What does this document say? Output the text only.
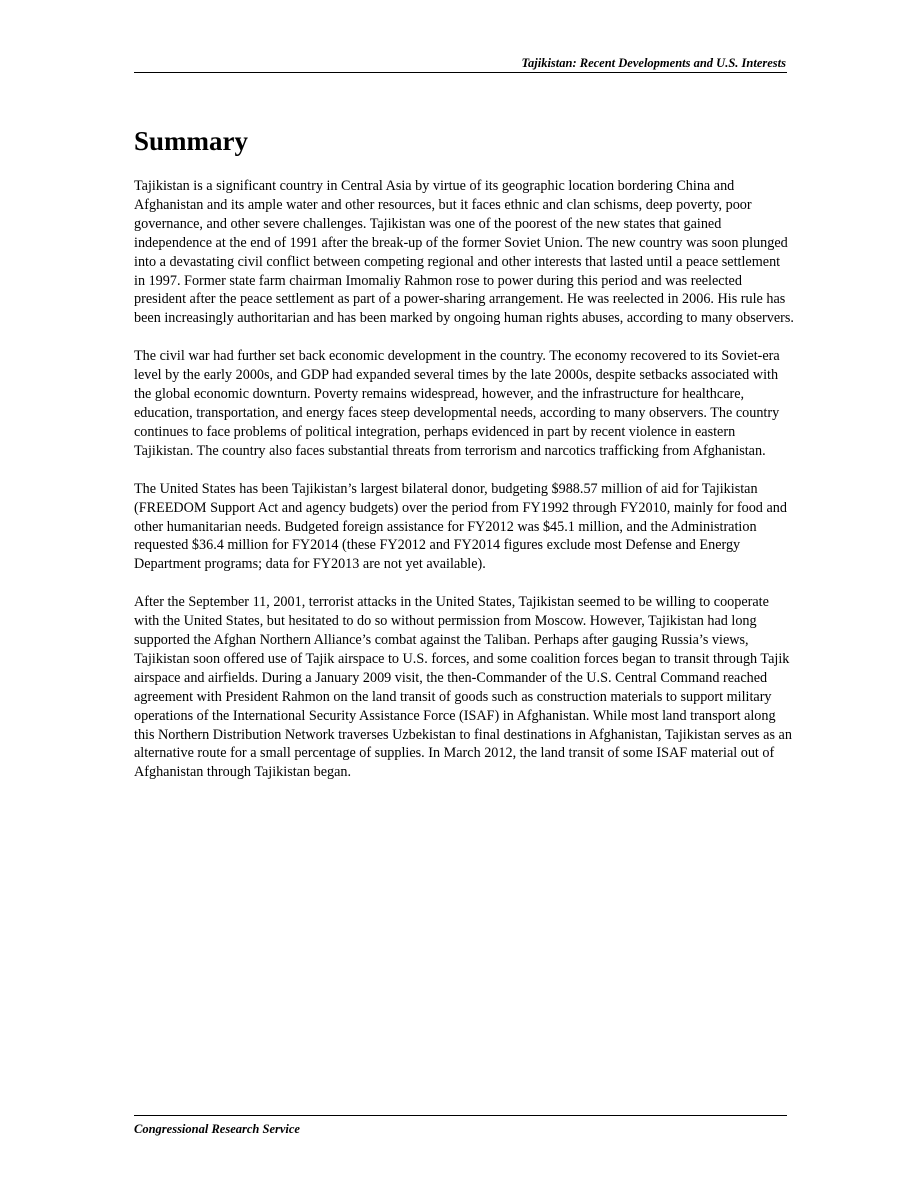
Tajikistan: Recent Developments and U.S. Interests
Summary

Tajikistan is a significant country in Central Asia by virtue of its geographic location bordering China and Afghanistan and its ample water and other resources, but it faces ethnic and clan schisms, deep poverty, poor governance, and other severe challenges. Tajikistan was one of the poorest of the new states that gained independence at the end of 1991 after the break-up of the former Soviet Union. The new country was soon plunged into a devastating civil conflict between competing regional and other interests that lasted until a peace settlement in 1997. Former state farm chairman Imomaliy Rahmon rose to power during this period and was reelected president after the peace settlement as part of a power-sharing arrangement. He was reelected in 2006. His rule has been increasingly authoritarian and has been marked by ongoing human rights abuses, according to many observers.

The civil war had further set back economic development in the country. The economy recovered to its Soviet-era level by the early 2000s, and GDP had expanded several times by the late 2000s, despite setbacks associated with the global economic downturn. Poverty remains widespread, however, and the infrastructure for healthcare, education, transportation, and energy faces steep developmental needs, according to many observers. The country continues to face problems of political integration, perhaps evidenced in part by recent violence in eastern Tajikistan. The country also faces substantial threats from terrorism and narcotics trafficking from Afghanistan.

The United States has been Tajikistan’s largest bilateral donor, budgeting $988.57 million of aid for Tajikistan (FREEDOM Support Act and agency budgets) over the period from FY1992 through FY2010, mainly for food and other humanitarian needs. Budgeted foreign assistance for FY2012 was $45.1 million, and the Administration requested $36.4 million for FY2014 (these FY2012 and FY2014 figures exclude most Defense and Energy Department programs; data for FY2013 are not yet available).

After the September 11, 2001, terrorist attacks in the United States, Tajikistan seemed to be willing to cooperate with the United States, but hesitated to do so without permission from Moscow. However, Tajikistan had long supported the Afghan Northern Alliance’s combat against the Taliban. Perhaps after gauging Russia’s views, Tajikistan soon offered use of Tajik airspace to U.S. forces, and some coalition forces began to transit through Tajik airspace and airfields. During a January 2009 visit, the then-Commander of the U.S. Central Command reached agreement with President Rahmon on the land transit of goods such as construction materials to support military operations of the International Security Assistance Force (ISAF) in Afghanistan. While most land transport along this Northern Distribution Network traverses Uzbekistan to final destinations in Afghanistan, Tajikistan serves as an alternative route for a small percentage of supplies. In March 2012, the land transit of some ISAF material out of Afghanistan through Tajikistan began.

Congressional Research Service
